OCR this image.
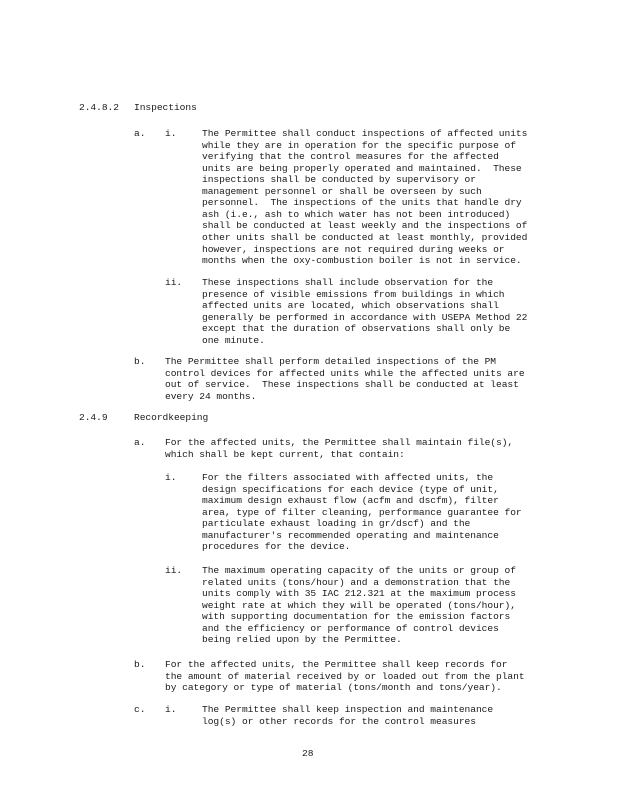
2.4.8.2 Inspections
a. i.	The Permittee shall conduct inspections of affected units
while they are in operation for the specific purpose of
verifying that the control measures for the affected
units are being properly operated and maintained.  These
inspections shall be conducted by supervisory or
management personnel or shall be overseen by such
personnel.  The inspections of the units that handle dry
ash (i.e., ash to which water has not been introduced)
shall be conducted at least weekly and the inspections of
other units shall be conducted at least monthly, provided
however, inspections are not required during weeks or
months when the oxy-combustion boiler is not in service.
ii. These inspections shall include observation for the
presence of visible emissions from buildings in which
affected units are located, which observations shall
generally be performed in accordance with USEPA Method 22
except that the duration of observations shall only be
one minute.
b. The Permittee shall perform detailed inspections of the PM
control devices for affected units while the affected units are
out of service.  These inspections shall be conducted at least
every 24 months.
2.4.9	Recordkeeping
a. For the affected units, the Permittee shall maintain file(s),
which shall be kept current, that contain:
i.	For the filters associated with affected units, the
design specifications for each device (type of unit,
maximum design exhaust flow (acfm and dscfm), filter
area, type of filter cleaning, performance guarantee for
particulate exhaust loading in gr/dscf) and the
manufacturer's recommended operating and maintenance
procedures for the device.
ii. The maximum operating capacity of the units or group of
related units (tons/hour) and a demonstration that the
units comply with 35 IAC 212.321 at the maximum process
weight rate at which they will be operated (tons/hour),
with supporting documentation for the emission factors
and the efficiency or performance of control devices
being relied upon by the Permittee.
b. For the affected units, the Permittee shall keep records for
the amount of material received by or loaded out from the plant
by category or type of material (tons/month and tons/year).
c. i.	The Permittee shall keep inspection and maintenance
log(s) or other records for the control measures
28
